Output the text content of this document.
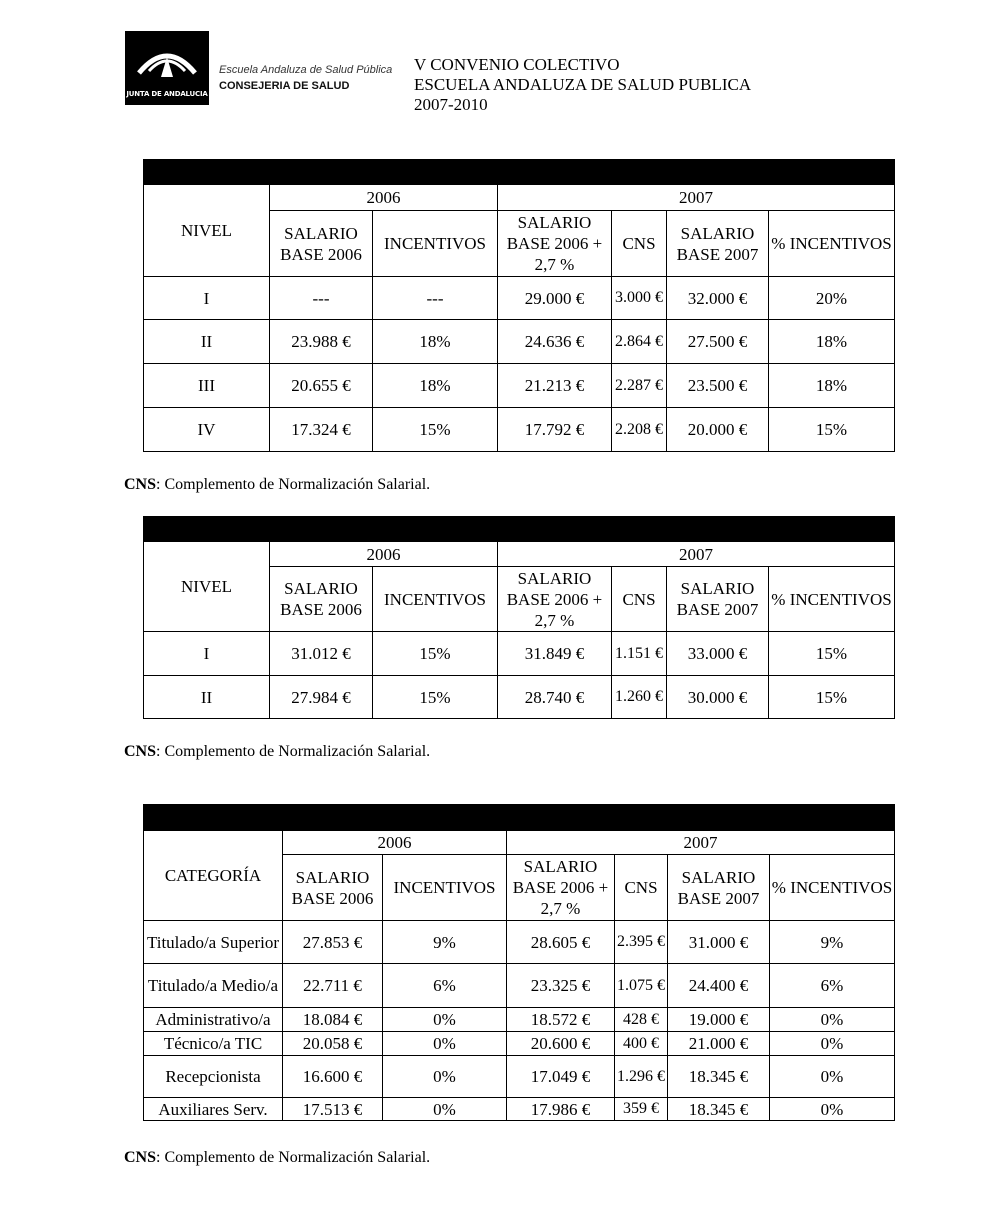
JUNTA DE ANDALUCIA
Escuela Andaluza de Salud Pública
CONSEJERIA DE SALUD
V CONVENIO COLECTIVO
ESCUELA ANDALUZA DE SALUD PUBLICA
2007-2010

NIVEL	2006		2007			
	SALARIO BASE 2006	INCENTIVOS	SALARIO BASE 2006 + 2,7 %	CNS	SALARIO BASE 2007	% INCENTIVOS
I	---	---	29.000 €	3.000 €	32.000 €	20%
II	23.988 €	18%	24.636 €	2.864 €	27.500 €	18%
III	20.655 €	18%	21.213 €	2.287 €	23.500 €	18%
IV	17.324 €	15%	17.792 €	2.208 €	20.000 €	15%
CNS: Complemento de Normalización Salarial.

NIVEL	2006		2007			
	SALARIO BASE 2006	INCENTIVOS	SALARIO BASE 2006 + 2,7 %	CNS	SALARIO BASE 2007	% INCENTIVOS
I	31.012 €	15%	31.849 €	1.151 €	33.000 €	15%
II	27.984 €	15%	28.740 €	1.260 €	30.000 €	15%
CNS: Complemento de Normalización Salarial.

CATEGORÍA	2006		2007			
	SALARIO BASE 2006	INCENTIVOS	SALARIO BASE 2006 + 2,7 %	CNS	SALARIO BASE 2007	% INCENTIVOS
Titulado/a Superior	27.853 €	9%	28.605 €	2.395 €	31.000 €	9%
Titulado/a Medio/a	22.711 €	6%	23.325 €	1.075 €	24.400 €	6%
Administrativo/a	18.084 €	0%	18.572 €	428 €	19.000 €	0%
Técnico/a TIC	20.058 €	0%	20.600 €	400 €	21.000 €	0%
Recepcionista	16.600 €	0%	17.049 €	1.296 €	18.345 €	0%
Auxiliares Serv.	17.513 €	0%	17.986 €	359 €	18.345 €	0%
CNS: Complemento de Normalización Salarial.
